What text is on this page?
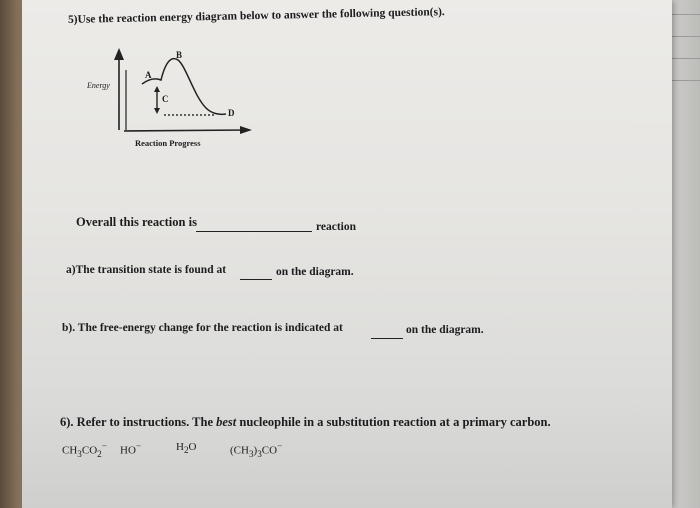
5)Use the reaction energy diagram below to answer the following question(s).
Energy
Reaction Progress
A
B
C
D
Overall this reaction is	reaction
a)The transition state is found at	on the diagram.
b). The free-energy change for the reaction is indicated at	on the diagram.
6). Refer to instructions. The best nucleophile in a substitution reaction at a primary carbon.
$CH_3CO_2^-$ HO−	$H_2O$	$(CH_3)_3CO^-$
